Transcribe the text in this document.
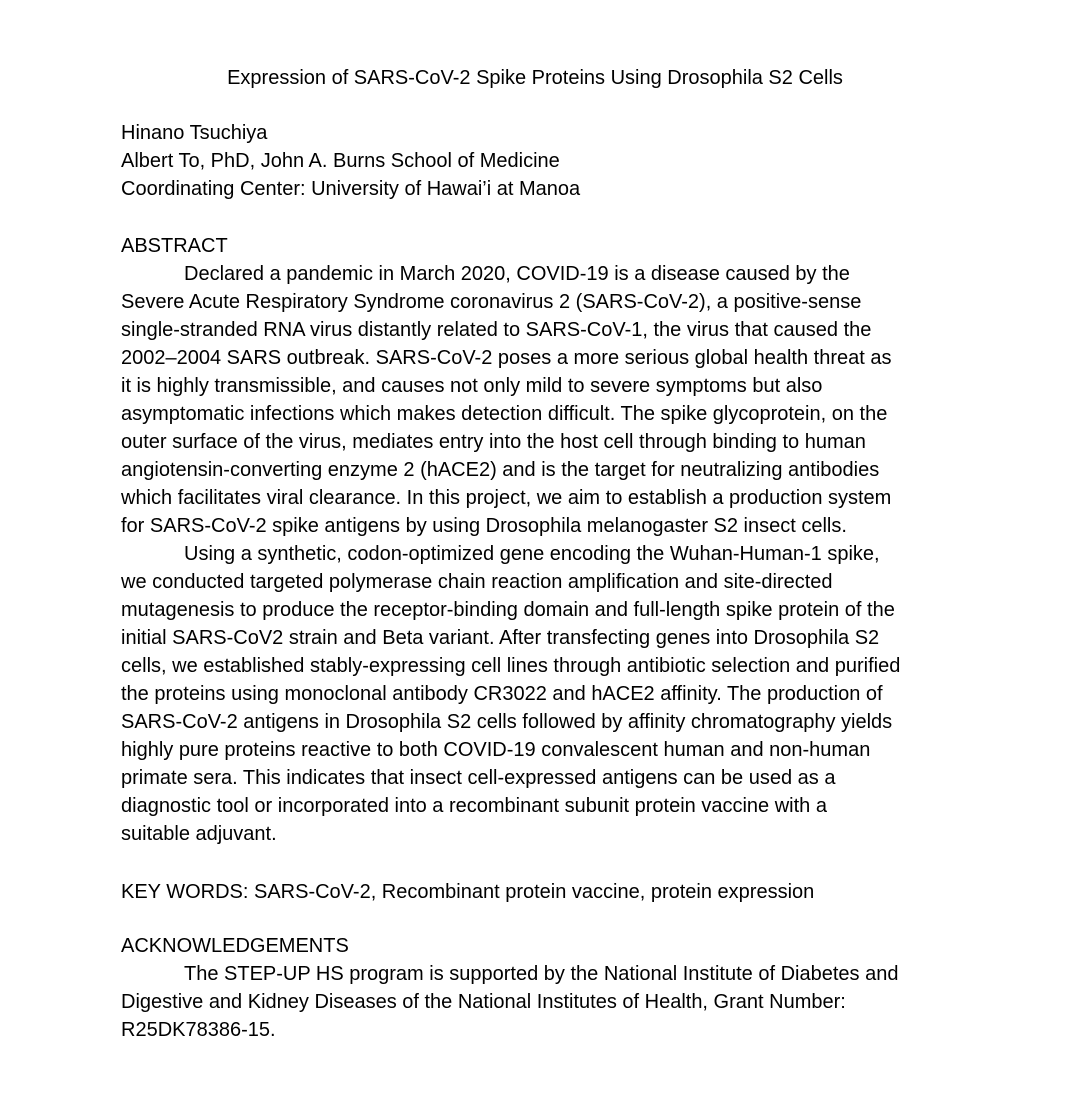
Expression of SARS-CoV-2 Spike Proteins Using Drosophila S2 Cells
Hinano Tsuchiya
Albert To, PhD, John A. Burns School of Medicine
Coordinating Center: University of Hawai’i at Manoa
ABSTRACT
Declared a pandemic in March 2020, COVID-19 is a disease caused by the
Severe Acute Respiratory Syndrome coronavirus 2 (SARS-CoV-2), a positive-sense
single-stranded RNA virus distantly related to SARS-CoV-1, the virus that caused the
2002–2004 SARS outbreak. SARS-CoV-2 poses a more serious global health threat as
it is highly transmissible, and causes not only mild to severe symptoms but also
asymptomatic infections which makes detection difficult. The spike glycoprotein, on the
outer surface of the virus, mediates entry into the host cell through binding to human
angiotensin-converting enzyme 2 (hACE2) and is the target for neutralizing antibodies
which facilitates viral clearance. In this project, we aim to establish a production system
for SARS-CoV-2 spike antigens by using Drosophila melanogaster S2 insect cells.
Using a synthetic, codon-optimized gene encoding the Wuhan-Human-1 spike,
we conducted targeted polymerase chain reaction amplification and site-directed
mutagenesis to produce the receptor-binding domain and full-length spike protein of the
initial SARS-CoV2 strain and Beta variant. After transfecting genes into Drosophila S2
cells, we established stably-expressing cell lines through antibiotic selection and purified
the proteins using monoclonal antibody CR3022 and hACE2 affinity. The production of
SARS-CoV-2 antigens in Drosophila S2 cells followed by affinity chromatography yields
highly pure proteins reactive to both COVID-19 convalescent human and non-human
primate sera. This indicates that insect cell-expressed antigens can be used as a
diagnostic tool or incorporated into a recombinant subunit protein vaccine with a
suitable adjuvant.
KEY WORDS: SARS-CoV-2, Recombinant protein vaccine, protein expression
ACKNOWLEDGEMENTS
The STEP-UP HS program is supported by the National Institute of Diabetes and
Digestive and Kidney Diseases of the National Institutes of Health, Grant Number:
R25DK78386-15.
